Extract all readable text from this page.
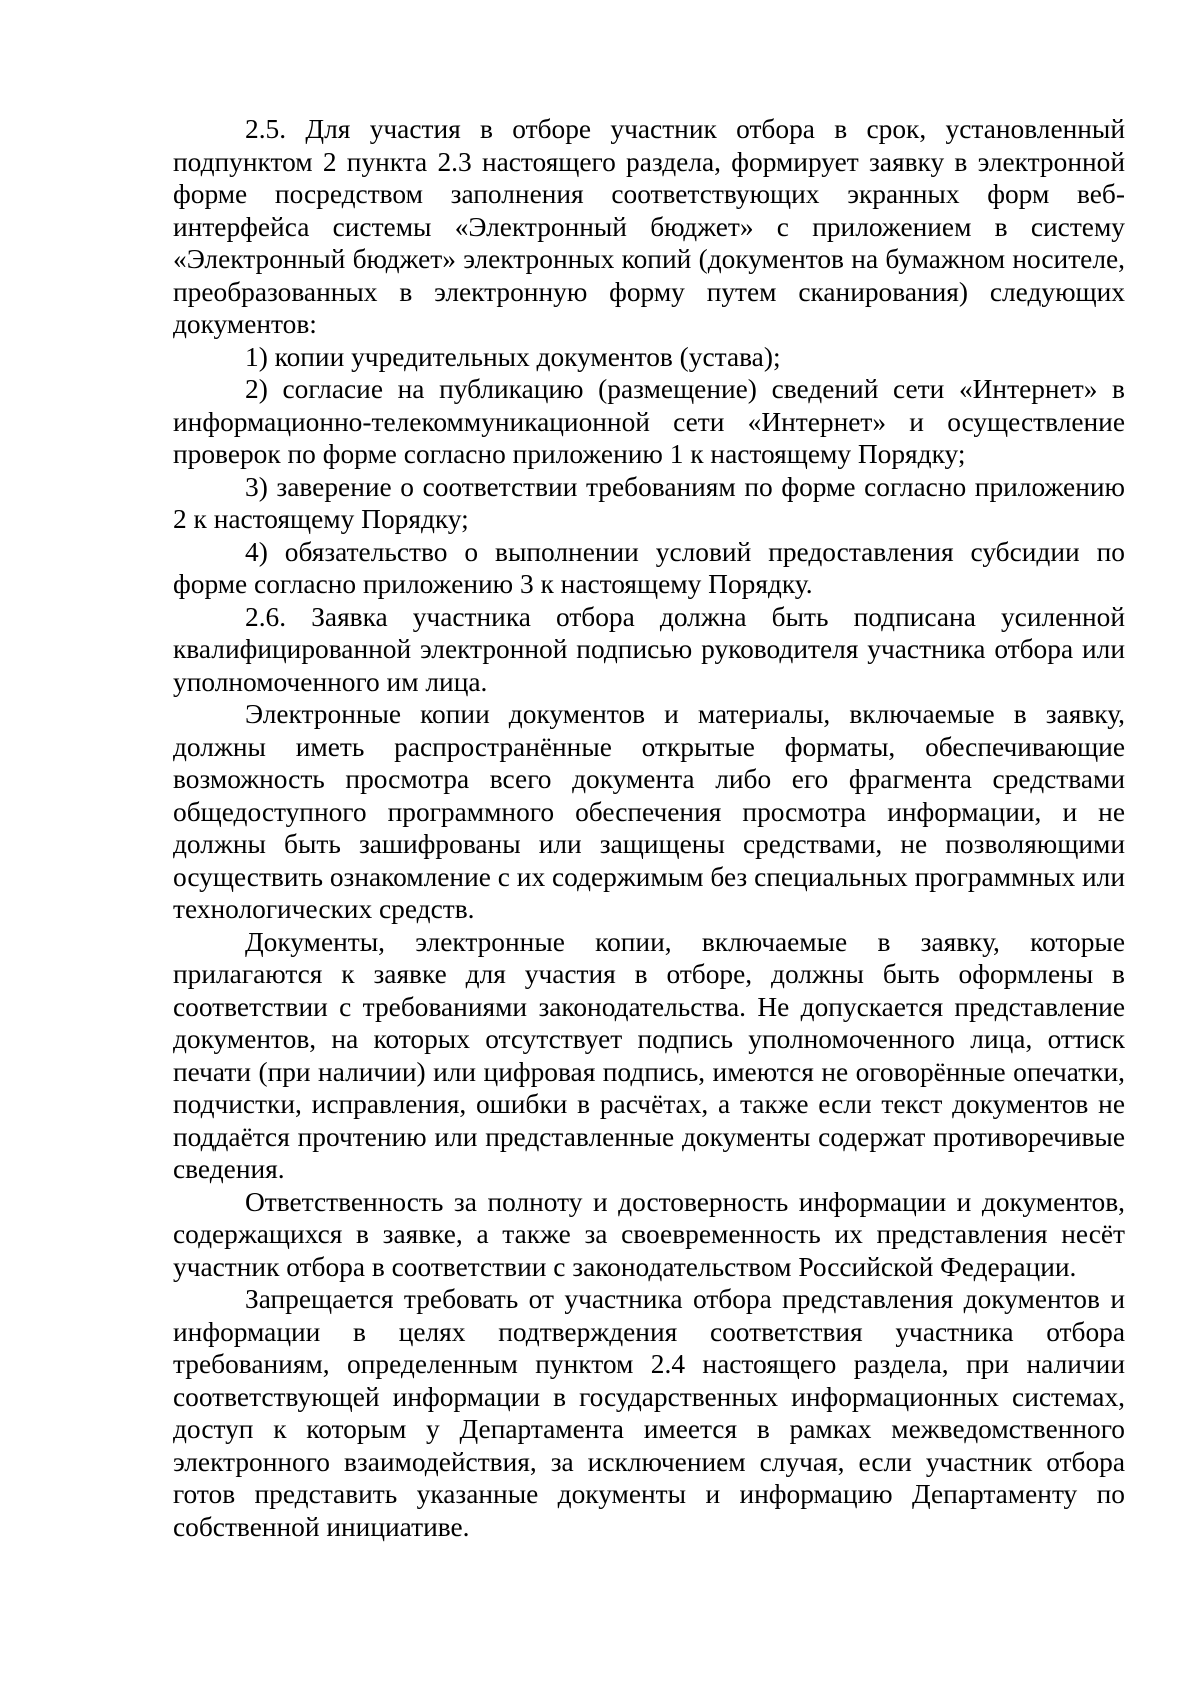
2.5. Для участия в отборе участник отбора в срок, установленный подпунктом 2 пункта 2.3 настоящего раздела, формирует заявку в электронной форме посредством заполнения соответствующих экранных форм веб-интерфейса системы «Электронный бюджет» с приложением в систему «Электронный бюджет» электронных копий (документов на бумажном носителе, преобразованных в электронную форму путем сканирования) следующих документов:

1) копии учредительных документов (устава);

2) согласие на публикацию (размещение) сведений сети «Интернет» в информационно-телекоммуникационной сети «Интернет» и осуществление проверок по форме согласно приложению 1 к настоящему Порядку;

3) заверение о соответствии требованиям по форме согласно приложению 2 к настоящему Порядку;

4) обязательство о выполнении условий предоставления субсидии по форме согласно приложению 3 к настоящему Порядку.

2.6. Заявка участника отбора должна быть подписана усиленной квалифицированной электронной подписью руководителя участника отбора или уполномоченного им лица.

Электронные копии документов и материалы, включаемые в заявку, должны иметь распространённые открытые форматы, обеспечивающие возможность просмотра всего документа либо его фрагмента средствами общедоступного программного обеспечения просмотра информации, и не должны быть зашифрованы или защищены средствами, не позволяющими осуществить ознакомление с их содержимым без специальных программных или технологических средств.

Документы, электронные копии, включаемые в заявку, которые прилагаются к заявке для участия в отборе, должны быть оформлены в соответствии с требованиями законодательства. Не допускается представление документов, на которых отсутствует подпись уполномоченного лица, оттиск печати (при наличии) или цифровая подпись, имеются не оговорённые опечатки, подчистки, исправления, ошибки в расчётах, а также если текст документов не поддаётся прочтению или представленные документы содержат противоречивые сведения.

Ответственность за полноту и достоверность информации и документов, содержащихся в заявке, а также за своевременность их представления несёт участник отбора в соответствии с законодательством Российской Федерации.

Запрещается требовать от участника отбора представления документов и информации в целях подтверждения соответствия участника отбора требованиям, определенным пунктом 2.4 настоящего раздела, при наличии соответствующей информации в государственных информационных системах, доступ к которым у Департамента имеется в рамках межведомственного электронного взаимодействия, за исключением случая, если участник отбора готов представить указанные документы и информацию Департаменту по собственной инициативе.
